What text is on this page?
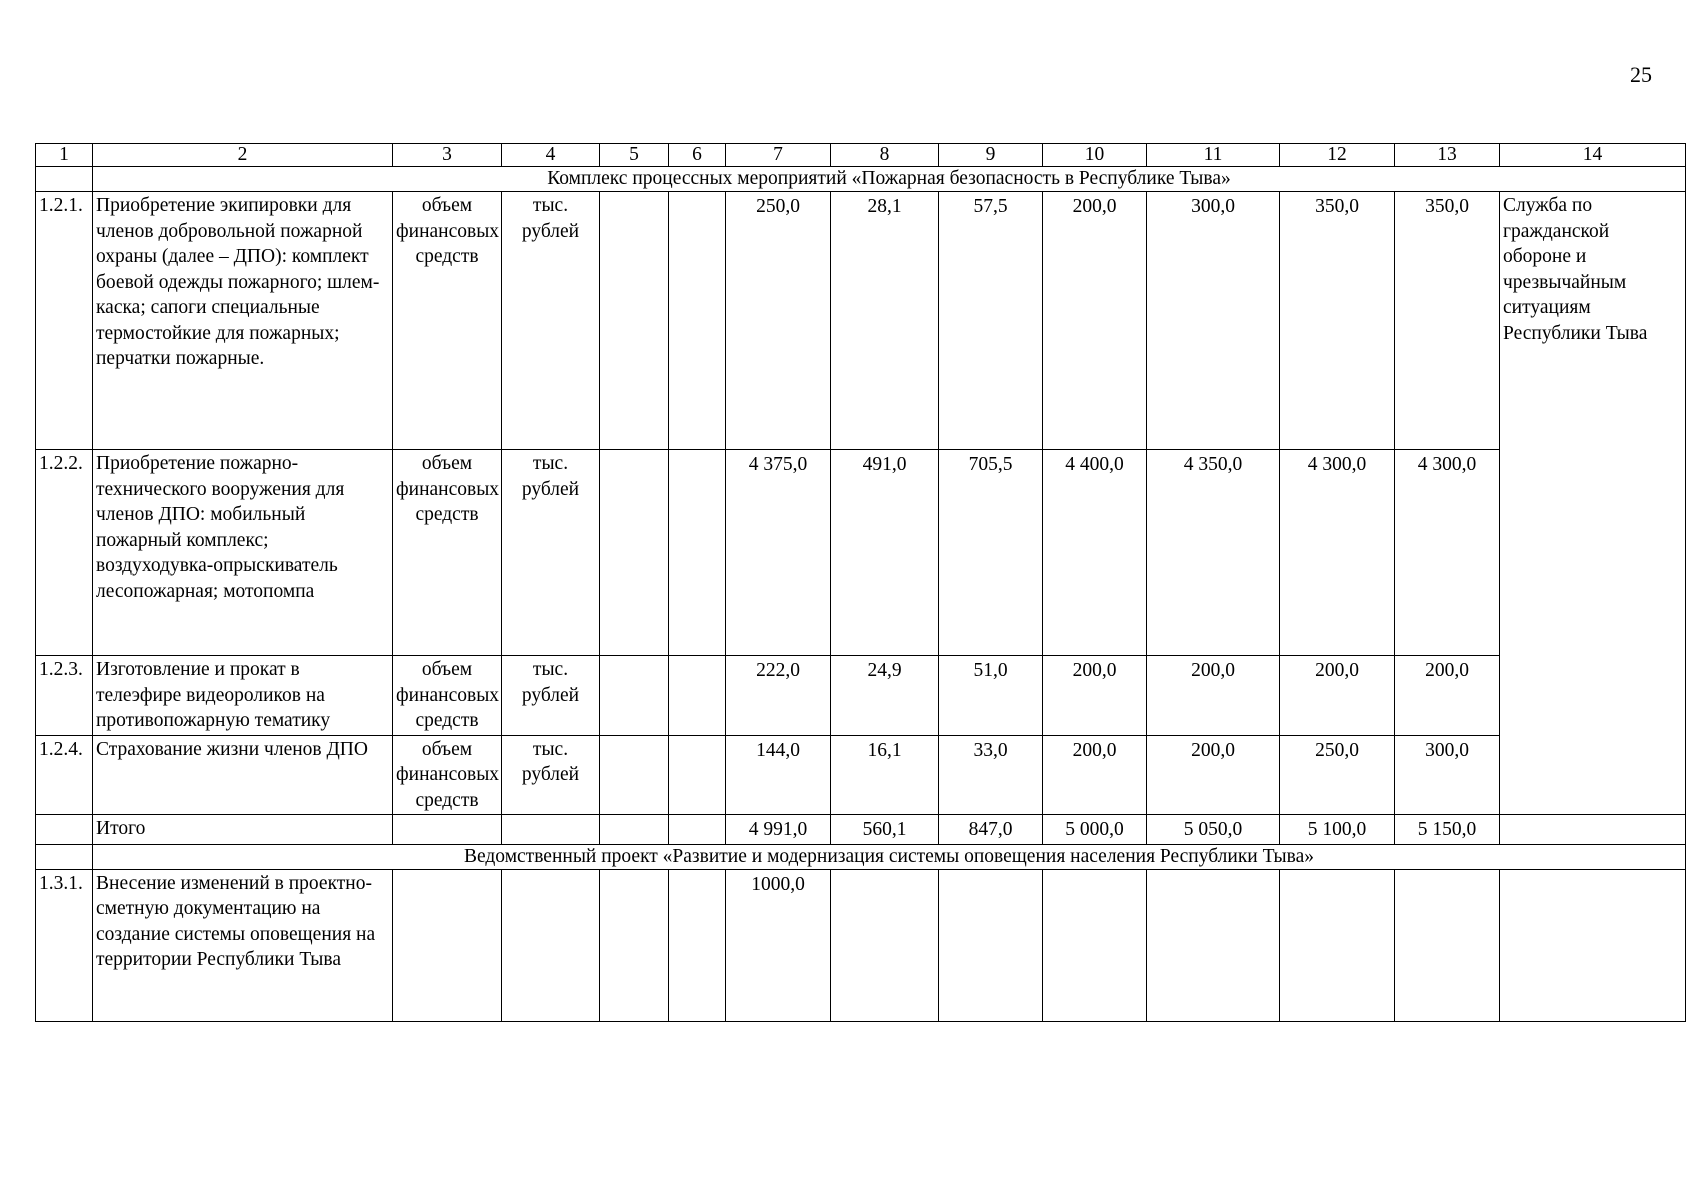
25
1	2	3	4	5	6	7	8	9	10	11	12	13	14
	Комплекс процессных мероприятий «Пожарная безопасность в Республике Тыва»												
1.2.1.	Приобретение экипировки для членов добровольной пожарной охраны (далее – ДПО): комплект боевой одежды пожарного; шлем-каска; сапоги специальные термостойкие для пожарных; перчатки пожарные.	объем финансовых средств	тыс. рублей			250,0	28,1	57,5	200,0	300,0	350,0	350,0	Служба по гражданской обороне и чрезвычайным ситуациям Республики Тыва
1.2.2.	Приобретение пожарно-технического вооружения для членов ДПО: мобильный пожарный комплекс; воздуходувка-опрыскиватель лесопожарная; мотопомпа	объем финансовых средств	тыс. рублей			4 375,0	491,0	705,5	4 400,0	4 350,0	4 300,0	4 300,0	
1.2.3.	Изготовление и прокат в телеэфире видеороликов на противопожарную тематику	объем финансовых средств	тыс. рублей			222,0	24,9	51,0	200,0	200,0	200,0	200,0	
1.2.4.	Страхование жизни членов ДПО	объем финансовых средств	тыс. рублей			144,0	16,1	33,0	200,0	200,0	250,0	300,0	
	Итого					4 991,0	560,1	847,0	5 000,0	5 050,0	5 100,0	5 150,0	
	Ведомственный проект «Развитие и модернизация системы оповещения населения Республики Тыва»												
1.3.1.	Внесение изменений в проектно-сметную документацию на создание системы оповещения на территории Республики Тыва					1000,0							
